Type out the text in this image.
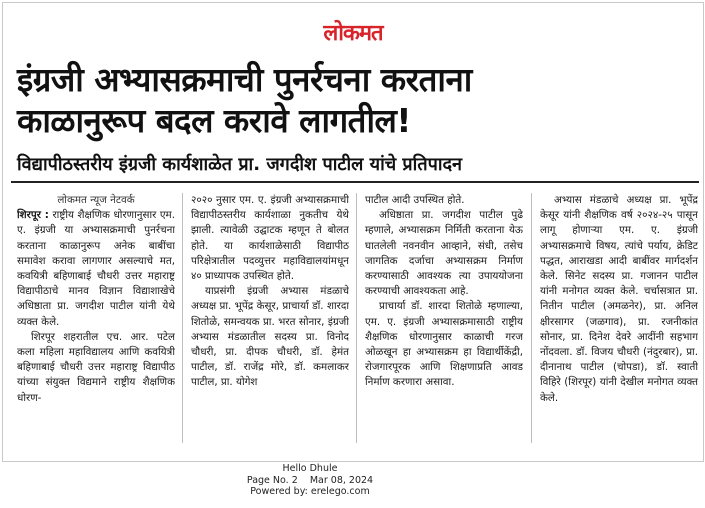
लोकमत
इंग्रजी अभ्यासक्रमाची पुनर्रचना करताना
काळानुरूप बदल करावे लागतील!
विद्यापीठस्तरीय इंग्रजी कार्यशाळेत प्रा. जगदीश पाटील यांचे प्रतिपादन

लोकमत न्यूज नेटवर्क

शिरपूर : राष्ट्रीय शैक्षणिक धोरणानुसार एम. ए. इंग्रजी या अभ्यासक्रमाची पुनर्रचना करताना काळानुरूप अनेक बाबींचा समावेश करावा लागणार असल्याचे मत, कवयित्री बहिणाबाई चौधरी उत्तर महाराष्ट्र विद्यापीठाचे मानव विज्ञान विद्याशाखेचे अधिष्ठाता प्रा. जगदीश पाटील यांनी येथे व्यक्त केले.

शिरपूर शहरातील एच. आर. पटेल कला महिला महाविद्यालय आणि कवयित्री बहिणाबाई चौधरी उत्तर महाराष्ट्र विद्यापीठ यांच्या संयुक्त विद्यमाने राष्ट्रीय शैक्षणिक धोरण-

२०२० नुसार एम. ए. इंग्रजी अभ्यासक्रमाची विद्यापीठस्तरीय कार्यशाळा नुकतीच येथे झाली. त्यावेळी उद्घाटक म्हणून ते बोलत होते. या कार्यशाळेसाठी विद्यापीठ परिक्षेत्रातील पदव्युत्तर महाविद्यालयांमधून ४० प्राध्यापक उपस्थित होते.

याप्रसंगी इंग्रजी अभ्यास मंडळाचे अध्यक्ष प्रा. भूपेंद्र केसूर, प्राचार्या डॉ. शारदा शितोळे, समन्वयक प्रा. भरत सोनार, इंग्रजी अभ्यास मंडळातील सदस्य प्रा. विनोद चौधरी, प्रा. दीपक चौधरी, डॉ. हेमंत पाटील, डॉ. राजेंद्र मोरे, डॉ. कमलाकर पाटील, प्रा. योगेश

पाटील आदी उपस्थित होते.

अधिष्ठाता प्रा. जगदीश पाटील पुढे म्हणाले, अभ्यासक्रम निर्मिती करताना येऊ घातलेली नवनवीन आव्हाने, संधी, तसेच जागतिक दर्जाचा अभ्यासक्रम निर्माण करण्यासाठी आवश्यक त्या उपाययोजना करण्याची आवश्यकता आहे.

प्राचार्या डॉ. शारदा शितोळे म्हणाल्या, एम. ए. इंग्रजी अभ्यासक्रमासाठी राष्ट्रीय शैक्षणिक धोरणानुसार काळाची गरज ओळखून हा अभ्यासक्रम हा विद्यार्थीकेंद्री, रोजगारपूरक आणि शिक्षणाप्रति आवड निर्माण करणारा असावा.

अभ्यास मंडळाचे अध्यक्ष प्रा. भूपेंद्र केसूर यांनी शैक्षणिक वर्ष २०२४-२५ पासून लागू होणाऱ्या एम. ए. इंग्रजी अभ्यासक्रमाचे विषय, त्यांचे पर्याय, क्रेडिट पद्धत, आराखडा आदी बाबींवर मार्गदर्शन केले. सिनेट सदस्य प्रा. गजानन पाटील यांनी मनोगत व्यक्त केले. चर्चासत्रात प्रा. नितीन पाटील (अमळनेर), प्रा. अनिल क्षीरसागर (जळगाव), प्रा. रजनीकांत सोनार, प्रा. दिनेश देवरे आदींनी सहभाग नोंदवला. डॉ. विजय चौधरी (नंदुरबार), प्रा. दीनानाथ पाटील (चोपडा), डॉ. स्वाती विहिरे (शिरपूर) यांनी देखील मनोगत व्यक्त केले.

Hello Dhule
Page No. 2 Mar 08, 2024
Powered by: erelego.com
